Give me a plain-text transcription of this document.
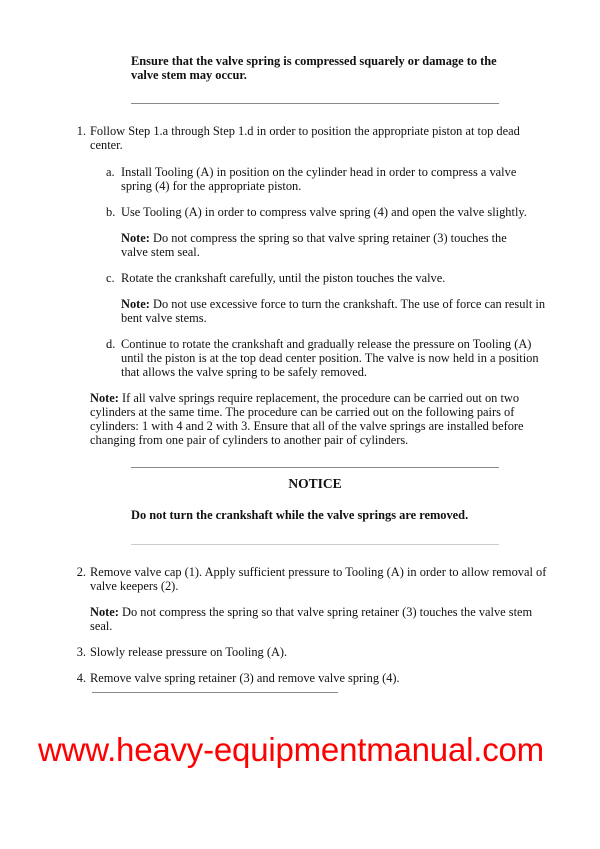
Ensure that the valve spring is compressed squarely or damage to the valve stem may occur.
1. Follow Step 1.a through Step 1.d in order to position the appropriate piston at top dead center.
a. Install Tooling (A) in position on the cylinder head in order to compress a valve spring (4) for the appropriate piston.
b. Use Tooling (A) in order to compress valve spring (4) and open the valve slightly.
Note: Do not compress the spring so that valve spring retainer (3) touches the valve stem seal.
c. Rotate the crankshaft carefully, until the piston touches the valve.
Note: Do not use excessive force to turn the crankshaft. The use of force can result in bent valve stems.
d. Continue to rotate the crankshaft and gradually release the pressure on Tooling (A) until the piston is at the top dead center position. The valve is now held in a position that allows the valve spring to be safely removed.
Note: If all valve springs require replacement, the procedure can be carried out on two cylinders at the same time. The procedure can be carried out on the following pairs of cylinders: 1 with 4 and 2 with 3. Ensure that all of the valve springs are installed before changing from one pair of cylinders to another pair of cylinders.
NOTICE
Do not turn the crankshaft while the valve springs are removed.
2. Remove valve cap (1). Apply sufficient pressure to Tooling (A) in order to allow removal of valve keepers (2).
Note: Do not compress the spring so that valve spring retainer (3) touches the valve stem seal.
3. Slowly release pressure on Tooling (A).
4. Remove valve spring retainer (3) and remove valve spring (4).
www.heavy-equipmentmanual.com
